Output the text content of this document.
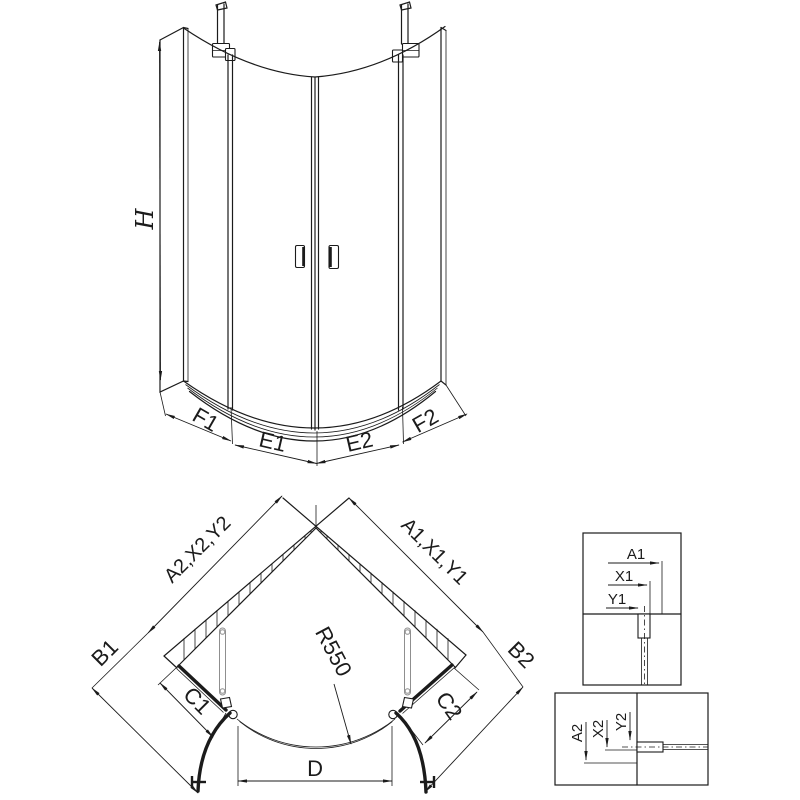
H
F1
E1 E2
F2
A2,X2,Y2	A1,X1,Y1
B1	B2
C1	C2
R550
D
A1
X1
Y1
A2 X2 Y2
